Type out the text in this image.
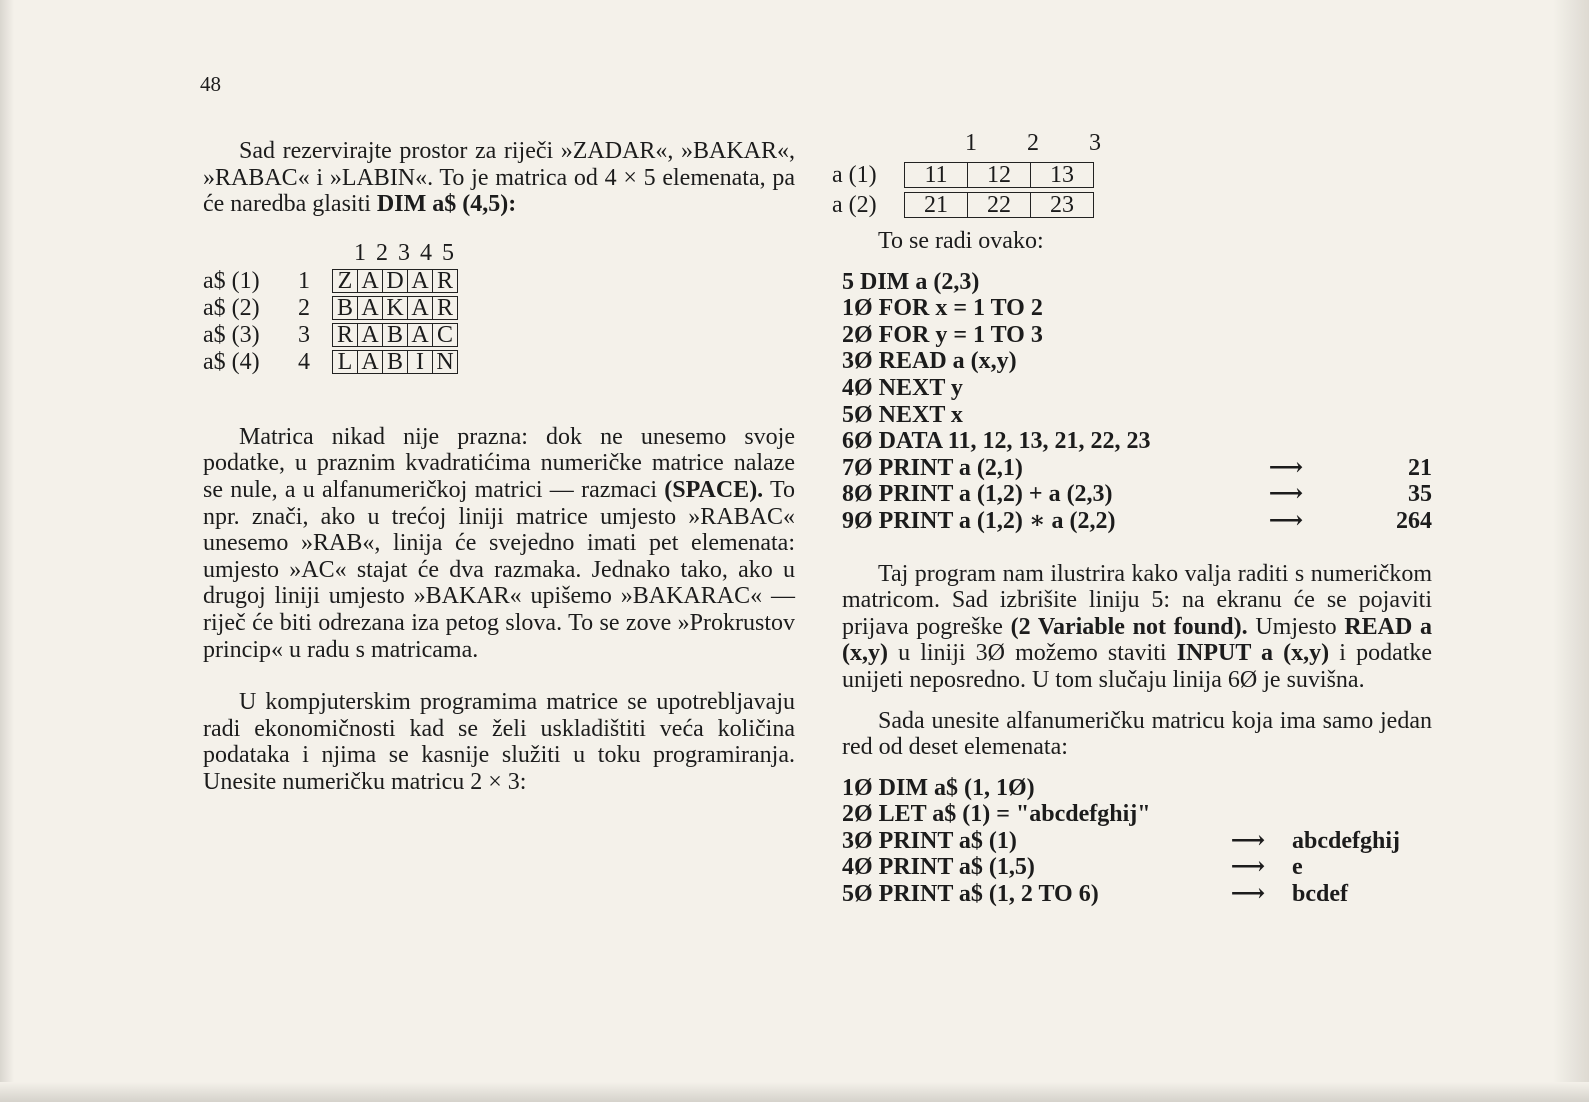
48

Sad rezervirajte prostor za riječi »ZADAR«, »BAKAR«, »RABAC« i »LABIN«. To je matrica od 4 × 5 elemenata, pa će naredba glasiti DIM a$ (4,5):

1 2 3 4 5
a$ (1)	1	Z A D A R
a$ (2)	2	B A K A R
a$ (3)	3	R A B A C
a$ (4)	4	L A B I N

Matrica nikad nije prazna: dok ne unesemo svoje podatke, u praznim kvadratićima numeričke matrice nalaze se nule, a u alfanumeričkoj matrici — razmaci (SPACE). To npr. znači, ako u trećoj liniji matrice umjesto »RABAC« unesemo »RAB«, linija će svejedno imati pet elemenata: umjesto »AC« stajat će dva razmaka. Jednako tako, ako u drugoj liniji umjesto »BAKAR« upišemo »BAKARAC« — riječ će biti odrezana iza petog slova. To se zove »Prokrustov princip« u radu s matricama.

U kompjuterskim programima matrice se upotrebljavaju radi ekonomičnosti kad se želi uskladištiti veća količina podataka i njima se kasnije služiti u toku programiranja. Unesite numeričku matricu 2 × 3:

1 2 3
a (1)	11	12	13
a (2)	21	22	23

To se radi ovako:

5 DIM a (2,3)
1Ø FOR x = 1 TO 2
2Ø FOR y = 1 TO 3
3Ø READ a (x,y)
4Ø NEXT y
5Ø NEXT x
6Ø DATA 11, 12, 13, 21, 22, 23
7Ø PRINT a (2,1)	⟶	21
8Ø PRINT a (1,2) + a (2,3)	⟶	35
9Ø PRINT a (1,2) ∗ a (2,2)	⟶	264

Taj program nam ilustrira kako valja raditi s numeričkom matricom. Sad izbrišite liniju 5: na ekranu će se pojaviti prijava pogreške (2 Variable not found). Umjesto READ a (x,y) u liniji 3Ø možemo staviti INPUT a (x,y) i podatke unijeti neposredno. U tom slučaju linija 6Ø je suvišna.

Sada unesite alfanumeričku matricu koja ima samo jedan red od deset elemenata:

1Ø DIM a$ (1, 1Ø)
2Ø LET a$ (1) = "abcdefghij"
3Ø PRINT a$ (1)	⟶	abcdefghij
4Ø PRINT a$ (1,5)	⟶	e
5Ø PRINT a$ (1, 2 TO 6)	⟶	bcdef
